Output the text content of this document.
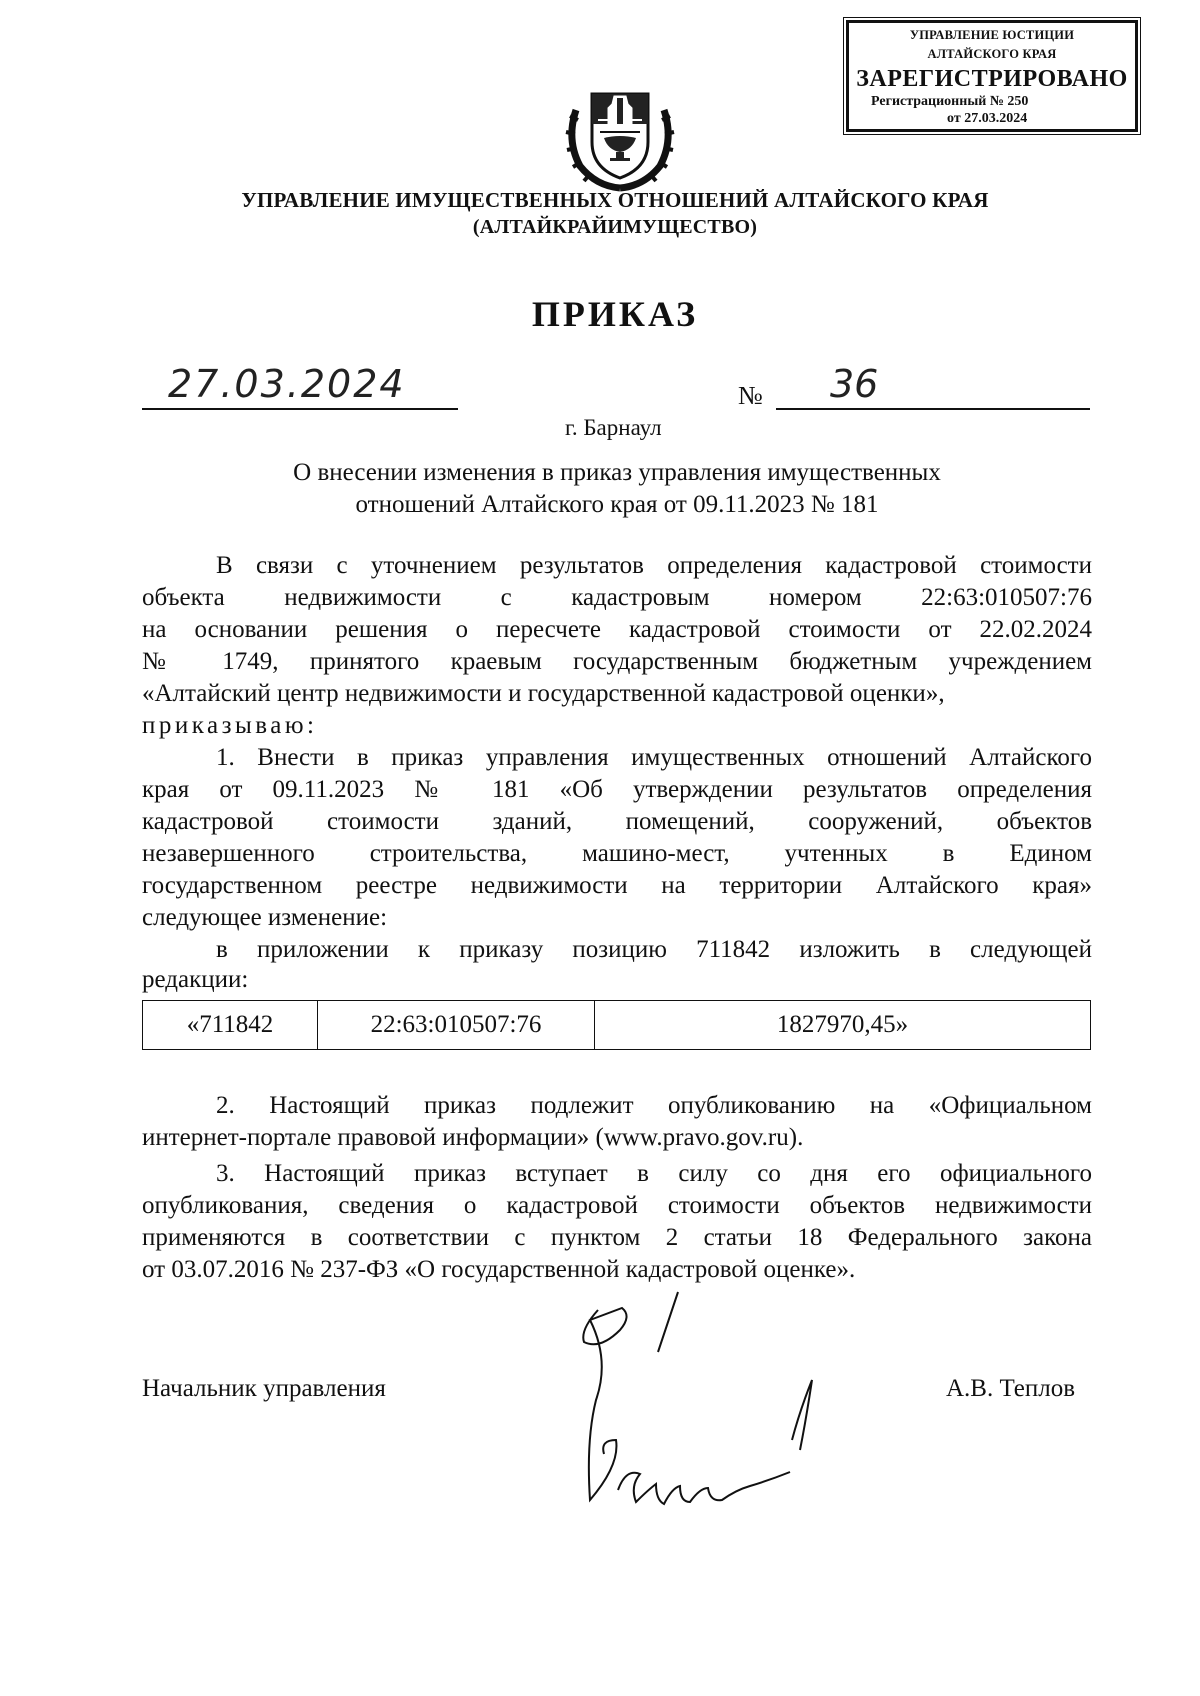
УПРАВЛЕНИЕ ЮСТИЦИИ
АЛТАЙСКОГО КРАЯ
ЗАРЕГИСТРИРОВАНО
Регистрационный № 250
от 27.03.2024
УПРАВЛЕНИЕ ИМУЩЕСТВЕННЫХ ОТНОШЕНИЙ АЛТАЙСКОГО КРАЯ
(АЛТАЙКРАЙИМУЩЕСТВО)
ПРИКАЗ
27.03.2024	№ 36
г. Барнаул
О внесении изменения в приказ управления имущественных
отношений Алтайского края от 09.11.2023 № 181
В связи с уточнением результатов определения кадастровой стоимости
объекта недвижимости с кадастровым номером 22:63:010507:76
на основании решения о пересчете кадастровой стоимости от 22.02.2024
№ 1749, принятого краевым государственным бюджетным учреждением
«Алтайский центр недвижимости и государственной кадастровой оценки»,
приказываю:
1. Внести в приказ управления имущественных отношений Алтайского
края от 09.11.2023 № 181 «Об утверждении результатов определения
кадастровой стоимости зданий, помещений, сооружений, объектов
незавершенного строительства, машино-мест, учтенных в Едином
государственном реестре недвижимости на территории Алтайского края»
следующее изменение:
в приложении к приказу позицию 711842 изложить в следующей
редакции:
«711842	22:63:010507:76	1827970,45»
2. Настоящий приказ подлежит опубликованию на «Официальном
интернет-портале правовой информации» (www.pravo.gov.ru).
3. Настоящий приказ вступает в силу со дня его официального
опубликования, сведения о кадастровой стоимости объектов недвижимости
применяются в соответствии с пунктом 2 статьи 18 Федерального закона
от 03.07.2016 № 237-ФЗ «О государственной кадастровой оценке».
Начальник управления	А.В. Теплов
